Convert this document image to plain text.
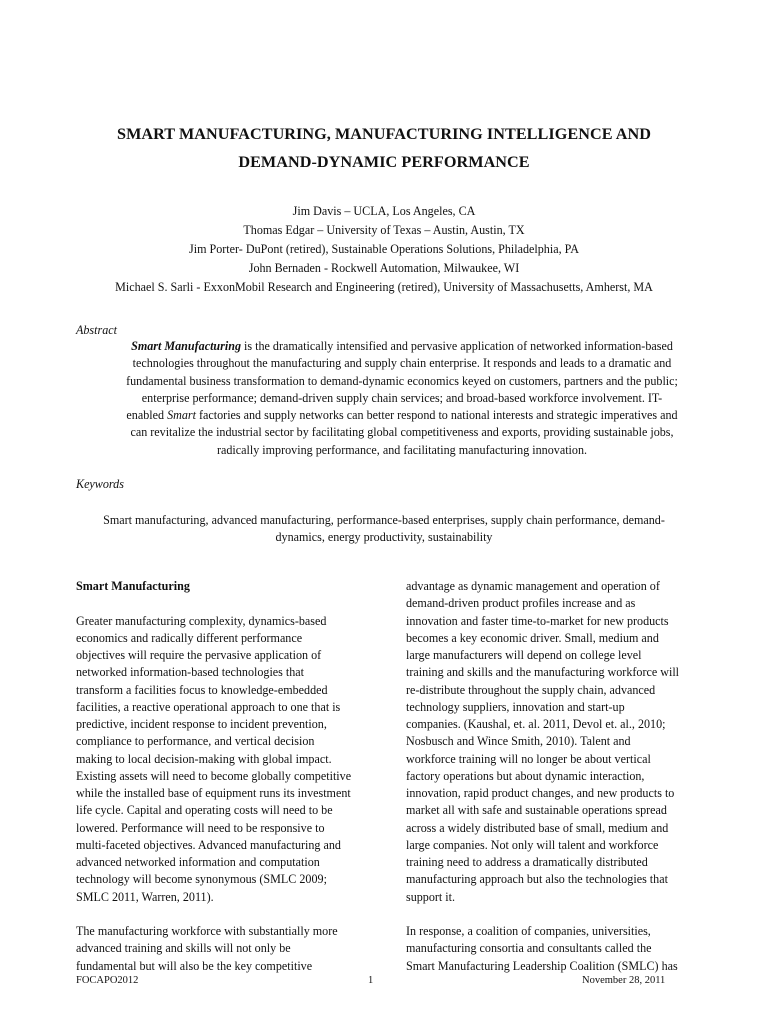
SMART MANUFACTURING, MANUFACTURING INTELLIGENCE AND
DEMAND-DYNAMIC PERFORMANCE
Jim Davis – UCLA, Los Angeles, CA
Thomas Edgar – University of Texas – Austin, Austin, TX
Jim Porter- DuPont (retired), Sustainable Operations Solutions, Philadelphia, PA
John Bernaden - Rockwell Automation, Milwaukee, WI
Michael S. Sarli - ExxonMobil Research and Engineering (retired), University of Massachusetts, Amherst, MA
Abstract
Smart Manufacturing is the dramatically intensified and pervasive application of networked information-based
technologies throughout the manufacturing and supply chain enterprise. It responds and leads to a dramatic and
fundamental business transformation to demand-dynamic economics keyed on customers, partners and the public;
enterprise performance; demand-driven supply chain services; and broad-based workforce involvement. IT-
enabled Smart factories and supply networks can better respond to national interests and strategic imperatives and
can revitalize the industrial sector by facilitating global competitiveness and exports, providing sustainable jobs,
radically improving performance, and facilitating manufacturing innovation.
Keywords
Smart manufacturing, advanced manufacturing, performance-based enterprises, supply chain performance, demand-
dynamics, energy productivity, sustainability
Smart Manufacturing
Greater manufacturing complexity, dynamics-based
economics and radically different performance
objectives will require the pervasive application of
networked information-based technologies that
transform a facilities focus to knowledge-embedded
facilities, a reactive operational approach to one that is
predictive, incident response to incident prevention,
compliance to performance, and vertical decision
making to local decision-making with global impact.
Existing assets will need to become globally competitive
while the installed base of equipment runs its investment
life cycle. Capital and operating costs will need to be
lowered. Performance will need to be responsive to
multi-faceted objectives. Advanced manufacturing and
advanced networked information and computation
technology will become synonymous (SMLC 2009;
SMLC 2011, Warren, 2011).
The manufacturing workforce with substantially more
advanced training and skills will not only be
fundamental but will also be the key competitive
advantage as dynamic management and operation of
demand-driven product profiles increase and as
innovation and faster time-to-market for new products
becomes a key economic driver. Small, medium and
large manufacturers will depend on college level
training and skills and the manufacturing workforce will
re-distribute throughout the supply chain, advanced
technology suppliers, innovation and start-up
companies. (Kaushal, et. al. 2011, Devol et. al., 2010;
Nosbusch and Wince Smith, 2010). Talent and
workforce training will no longer be about vertical
factory operations but about dynamic interaction,
innovation, rapid product changes, and new products to
market all with safe and sustainable operations spread
across a widely distributed base of small, medium and
large companies. Not only will talent and workforce
training need to address a dramatically distributed
manufacturing approach but also the technologies that
support it.
In response, a coalition of companies, universities,
manufacturing consortia and consultants called the
Smart Manufacturing Leadership Coalition (SMLC) has
FOCAPO2012	1	November 28, 2011
